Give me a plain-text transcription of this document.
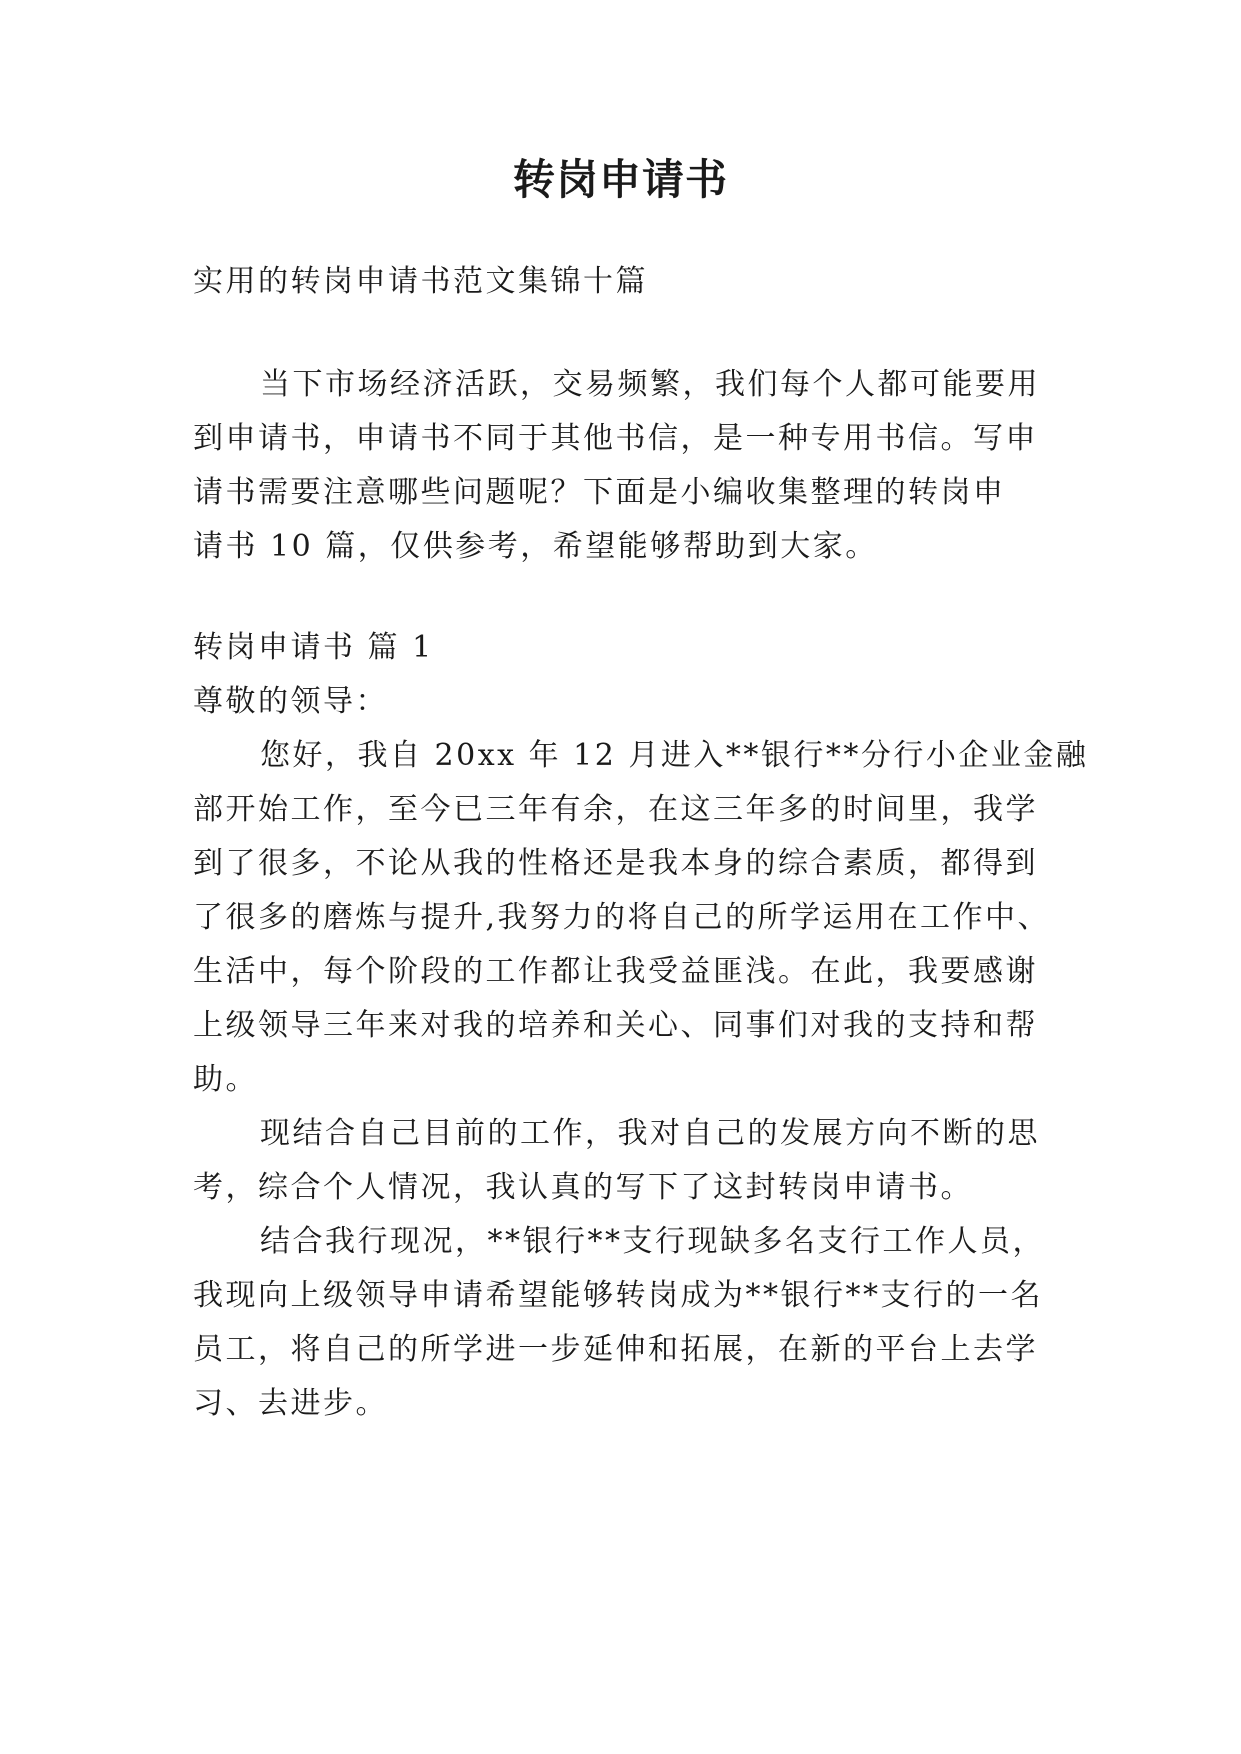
转岗申请书
实用的转岗申请书范文集锦十篇
当下市场经济活跃，交易频繁，我们每个人都可能要用
到申请书，申请书不同于其他书信，是一种专用书信。写申
请书需要注意哪些问题呢？下面是小编收集整理的转岗申
请书 10 篇，仅供参考，希望能够帮助到大家。
转岗申请书 篇 1
尊敬的领导：
您好，我自 20xx 年 12 月进入**银行**分行小企业金融
部开始工作，至今已三年有余，在这三年多的时间里，我学
到了很多，不论从我的性格还是我本身的综合素质，都得到
了很多的磨炼与提升,我努力的将自己的所学运用在工作中、
生活中，每个阶段的工作都让我受益匪浅。在此，我要感谢
上级领导三年来对我的培养和关心、同事们对我的支持和帮
助。
现结合自己目前的工作，我对自己的发展方向不断的思
考，综合个人情况，我认真的写下了这封转岗申请书。
结合我行现况，**银行**支行现缺多名支行工作人员，
我现向上级领导申请希望能够转岗成为**银行**支行的一名
员工，将自己的所学进一步延伸和拓展，在新的平台上去学
习、去进步。
